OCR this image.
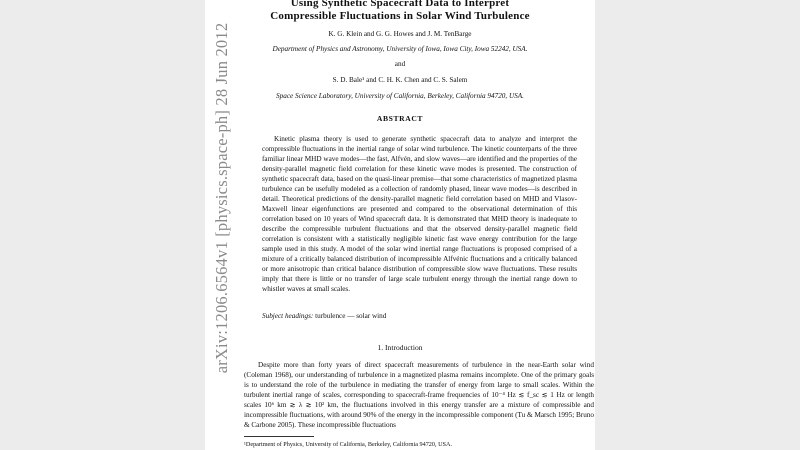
arXiv:1206.6564v1 [physics.space-ph] 28 Jun 2012
Using Synthetic Spacecraft Data to Interpret
Compressible Fluctuations in Solar Wind Turbulence
K. G. Klein and G. G. Howes and J. M. TenBarge
Department of Physics and Astronomy, University of Iowa, Iowa City, Iowa 52242, USA.
and
S. D. Bale¹ and C. H. K. Chen and C. S. Salem
Space Science Laboratory, University of California, Berkeley, California 94720, USA.
ABSTRACT

Kinetic plasma theory is used to generate synthetic spacecraft data to analyze and interpret the compressible fluctuations in the inertial range of solar wind turbulence. The kinetic counterparts of the three familiar linear MHD wave modes—the fast, Alfvén, and slow waves—are identified and the properties of the density-parallel magnetic field correlation for these kinetic wave modes is presented. The construction of synthetic spacecraft data, based on the quasi-linear premise—that some characteristics of magnetized plasma turbulence can be usefully modeled as a collection of randomly phased, linear wave modes—is described in detail. Theoretical predictions of the density-parallel magnetic field correlation based on MHD and Vlasov-Maxwell linear eigenfunctions are presented and compared to the observational determination of this correlation based on 10 years of Wind spacecraft data. It is demonstrated that MHD theory is inadequate to describe the compressible turbulent fluctuations and that the observed density-parallel magnetic field correlation is consistent with a statistically negligible kinetic fast wave energy contribution for the large sample used in this study. A model of the solar wind inertial range fluctuations is proposed comprised of a mixture of a critically balanced distribution of incompressible Alfvénic fluctuations and a critically balanced or more anisotropic than critical balance distribution of compressible slow wave fluctuations. These results imply that there is little or no transfer of large scale turbulent energy through the inertial range down to whistler waves at small scales.

Subject headings: turbulence — solar wind
1. Introduction

Despite more than forty years of direct spacecraft measurements of turbulence in the near-Earth solar wind (Coleman 1968), our understanding of turbulence in a magnetized plasma remains incomplete. One of the primary goals is to understand the role of the turbulence in mediating the transfer of energy from large to small scales. Within the turbulent inertial range of scales, corresponding to spacecraft-frame frequencies of 10⁻⁴ Hz ≲ f_sc ≲ 1 Hz or length scales 10⁶ km ≳ λ ≳ 10² km, the fluctuations involved in this energy transfer are a mixture of compressible and incompressible fluctuations, with around 90% of the energy in the incompressible component (Tu & Marsch 1995; Bruno & Carbone 2005). These incompressible fluctuations

¹Department of Physics, University of California, Berkeley, California 94720, USA.
